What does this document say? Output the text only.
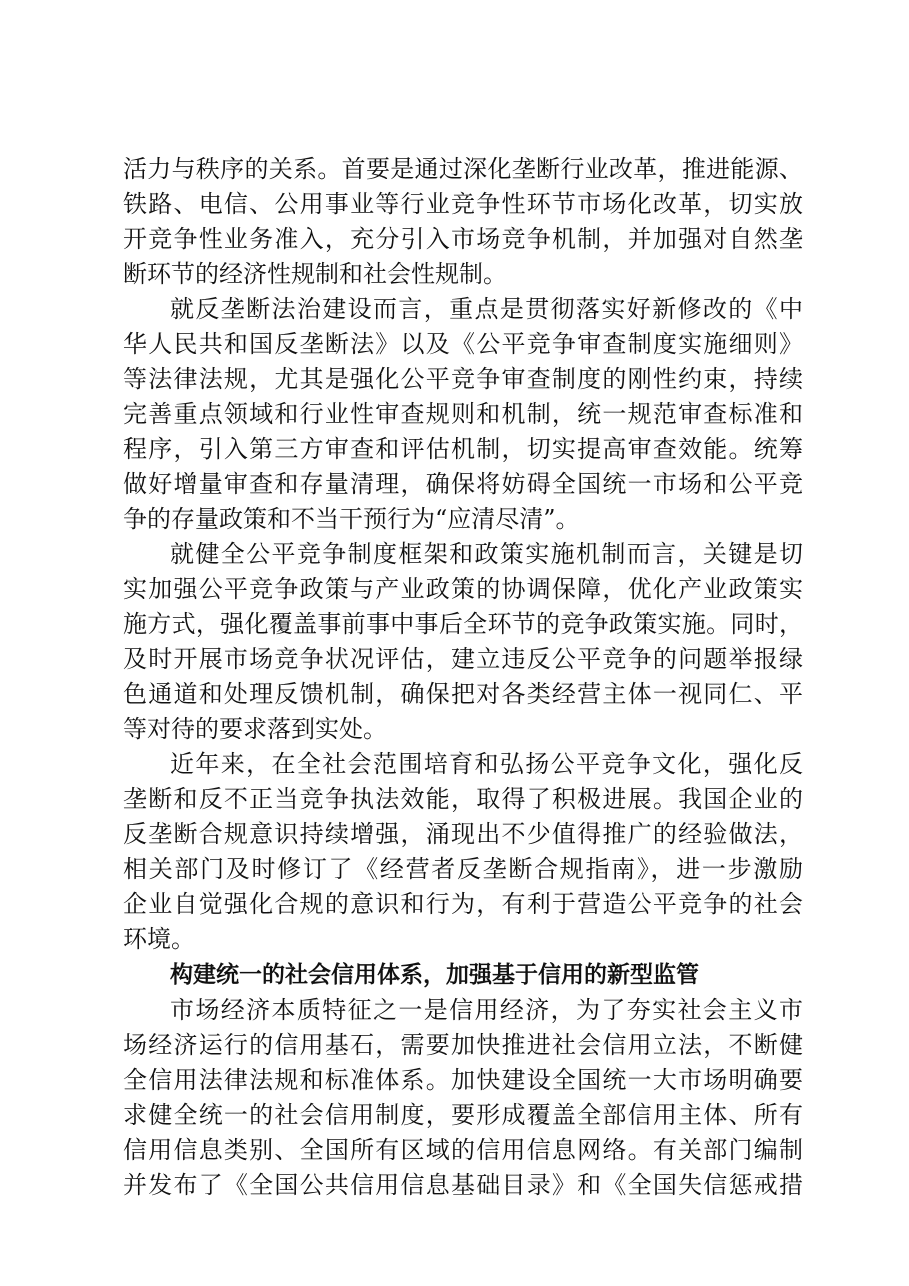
活力与秩序的关系。首要是通过深化垄断行业改革，推进能源、
铁路、电信、公用事业等行业竞争性环节市场化改革，切实放
开竞争性业务准入，充分引入市场竞争机制，并加强对自然垄
断环节的经济性规制和社会性规制。
就反垄断法治建设而言，重点是贯彻落实好新修改的《中
华人民共和国反垄断法》以及《公平竞争审查制度实施细则》
等法律法规，尤其是强化公平竞争审查制度的刚性约束，持续
完善重点领域和行业性审查规则和机制，统一规范审查标准和
程序，引入第三方审查和评估机制，切实提高审查效能。统筹
做好增量审查和存量清理，确保将妨碍全国统一市场和公平竞
争的存量政策和不当干预行为“应清尽清”。
就健全公平竞争制度框架和政策实施机制而言，关键是切
实加强公平竞争政策与产业政策的协调保障，优化产业政策实
施方式，强化覆盖事前事中事后全环节的竞争政策实施。同时，
及时开展市场竞争状况评估，建立违反公平竞争的问题举报绿
色通道和处理反馈机制，确保把对各类经营主体一视同仁、平
等对待的要求落到实处。
近年来，在全社会范围培育和弘扬公平竞争文化，强化反
垄断和反不正当竞争执法效能，取得了积极进展。我国企业的
反垄断合规意识持续增强，涌现出不少值得推广的经验做法，
相关部门及时修订了《经营者反垄断合规指南》，进一步激励
企业自觉强化合规的意识和行为，有利于营造公平竞争的社会
环境。
构建统一的社会信用体系，加强基于信用的新型监管
市场经济本质特征之一是信用经济，为了夯实社会主义市
场经济运行的信用基石，需要加快推进社会信用立法，不断健
全信用法律法规和标准体系。加快建设全国统一大市场明确要
求健全统一的社会信用制度，要形成覆盖全部信用主体、所有
信用信息类别、全国所有区域的信用信息网络。有关部门编制
并发布了《全国公共信用信息基础目录》和《全国失信惩戒措
